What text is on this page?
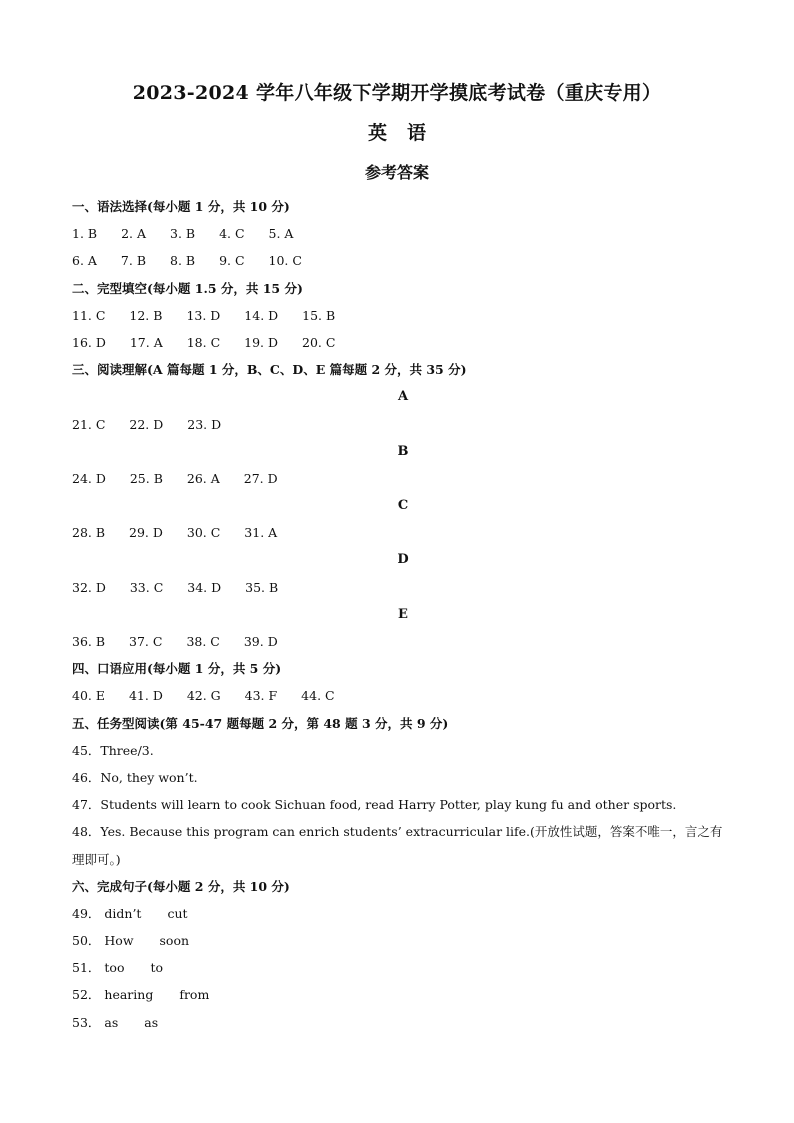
2023-2024 学年八年级下学期开学摸底考试卷（重庆专用）
英语
参考答案
一、语法选择(每小题 1 分，共 10 分)
1. B 2. A 3. B 4. C 5. A
6. A 7. B 8. B 9. C 10. C
二、完型填空(每小题 1.5 分，共 15 分)
11. C 12. B 13. D 14. D 15. B
16. D 17. A 18. C 19. D 20. C
三、阅读理解(A 篇每题 1 分，B、C、D、E 篇每题 2 分，共 35 分)
A
21. C 22. D 23. D
B
24. D 25. B 26. A 27. D
C
28. B 29. D 30. C 31. A
D
32. D 33. C 34. D 35. B
E
36. B 37. C 38. C 39. D
四、口语应用(每小题 1 分，共 5 分)
40. E 41. D 42. G 43. F 44. C
五、任务型阅读(第 45-47 题每题 2 分，第 48 题 3 分，共 9 分)
45．Three/3.
46．No, they won’t.
47．Students will learn to cook Sichuan food, read Harry Potter, play kung fu and other sports.
48．Yes. Because this program can enrich students’ extracurricular life.(开放性试题，答案不唯一，言之有理即可。)
六、完成句子(每小题 2 分，共 10 分)
49． didn’t cut
50． How soon
51． too to
52． hearing from
53． as as
